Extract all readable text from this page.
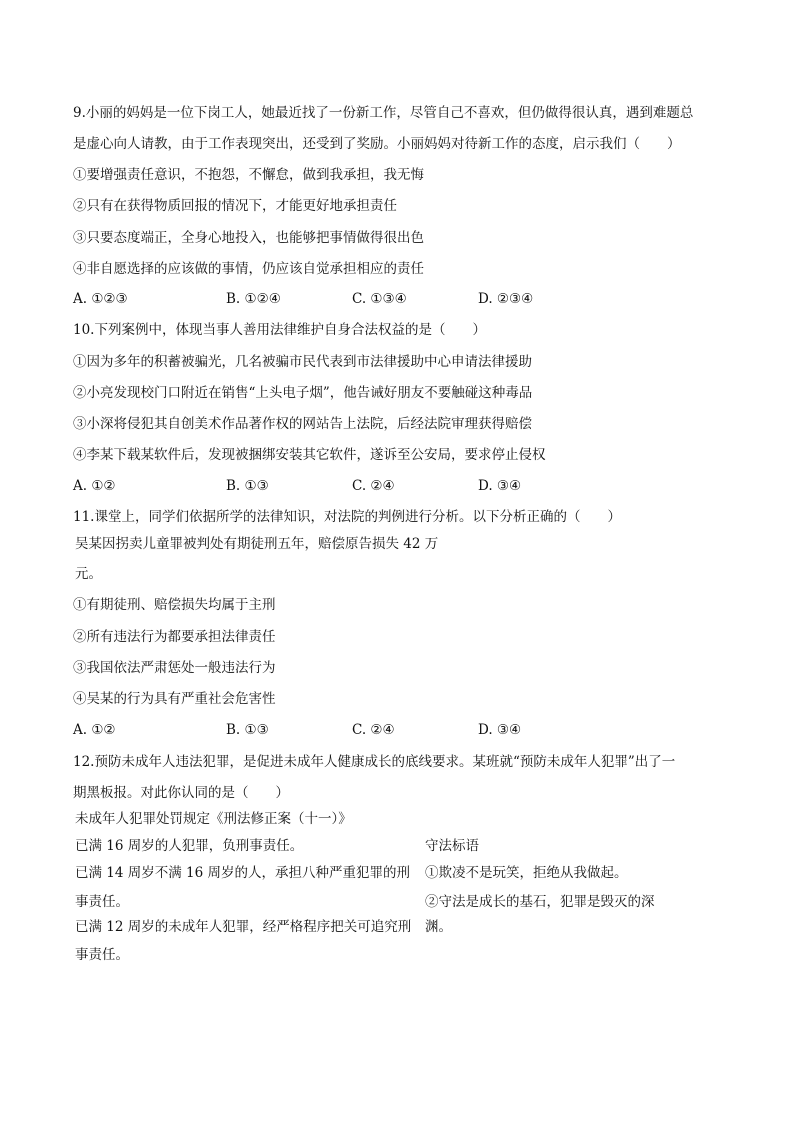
9.小丽的妈妈是一位下岗工人，她最近找了一份新工作，尽管自己不喜欢，但仍做得很认真，遇到难题总
是虚心向人请教，由于工作表现突出，还受到了奖励。小丽妈妈对待新工作的态度，启示我们（　　）
①要增强责任意识，不抱怨，不懈怠，做到我承担，我无悔
②只有在获得物质回报的情况下，才能更好地承担责任
③只要态度端正，全身心地投入，也能够把事情做得很出色
④非自愿选择的应该做的事情，仍应该自觉承担相应的责任
A. ①②③	B. ①②④	C. ①③④	D. ②③④
10.下列案例中，体现当事人善用法律维护自身合法权益的是（　　）
①因为多年的积蓄被骗光，几名被骗市民代表到市法律援助中心申请法律援助
②小亮发现校门口附近在销售“上头电子烟”，他告诫好朋友不要触碰这种毒品
③小深将侵犯其自创美术作品著作权的网站告上法院，后经法院审理获得赔偿
④李某下载某软件后，发现被捆绑安装其它软件，遂诉至公安局，要求停止侵权
A. ①②	B. ①③	C. ②④	D. ③④
11.课堂上，同学们依据所学的法律知识，对法院的判例进行分析。以下分析正确的（　　）
吴某因拐卖儿童罪被判处有期徒刑五年，赔偿原告损失 42 万
元。
①有期徒刑、赔偿损失均属于主刑
②所有违法行为都要承担法律责任
③我国依法严肃惩处一般违法行为
④吴某的行为具有严重社会危害性
A. ①②	B. ①③	C. ②④	D. ③④
12.预防未成年人违法犯罪，是促进未成年人健康成长的底线要求。某班就“预防未成年人犯罪”出了一
期黑板报。对此你认同的是（　　）
未成年人犯罪处罚规定《刑法修正案（十一）》
已满 16 周岁的人犯罪，负刑事责任。
已满 14 周岁不满 16 周岁的人，承担八种严重犯罪的刑
事责任。
已满 12 周岁的未成年人犯罪，经严格程序把关可追究刑
事责任。
守法标语
①欺凌不是玩笑，拒绝从我做起。
②守法是成长的基石，犯罪是毁灭的深
渊。
